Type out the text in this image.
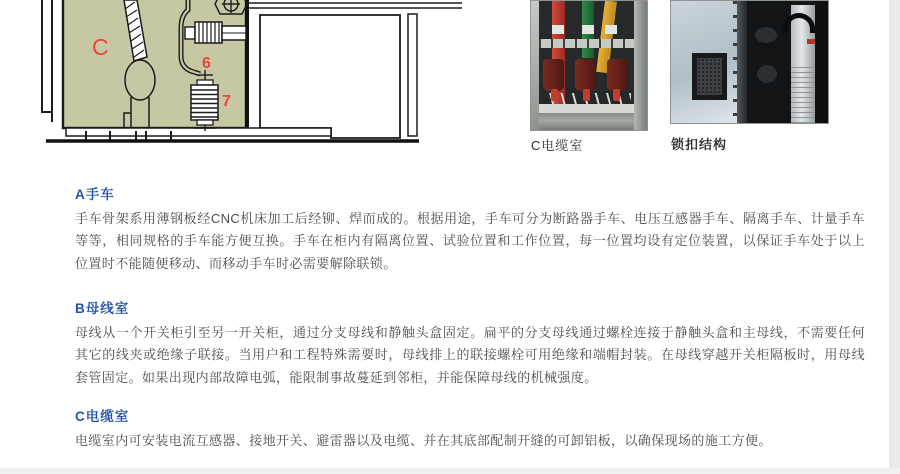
C
6
7
C电缆室	锁扣结构
A手车

手车骨架系用薄钢板经CNC机床加工后经铆、焊而成的。根据用途，手车可分为断路器手车、电压互感器手车、隔离手车、计量手车等等，相同规格的手车能方便互换。手车在柜内有隔离位置、试验位置和工作位置，每一位置均设有定位装置，以保证手车处于以上位置时不能随便移动、而移动手车时必需要解除联锁。

B母线室

母线从一个开关柜引至另一开关柜，通过分支母线和静触头盒固定。扁平的分支母线通过螺栓连接于静触头盒和主母线，不需要任何其它的线夹或绝缘子联接。当用户和工程特殊需要时，母线排上的联接螺栓可用绝缘和端帽封装。在母线穿越开关柜隔板时，用母线套管固定。如果出现内部故障电弧，能限制事故蔓延到邻柜，并能保障母线的机械强度。

C电缆室

电缆室内可安装电流互感器、接地开关、避雷器以及电缆、并在其底部配制开缝的可卸铝板，以确保现场的施工方便。
